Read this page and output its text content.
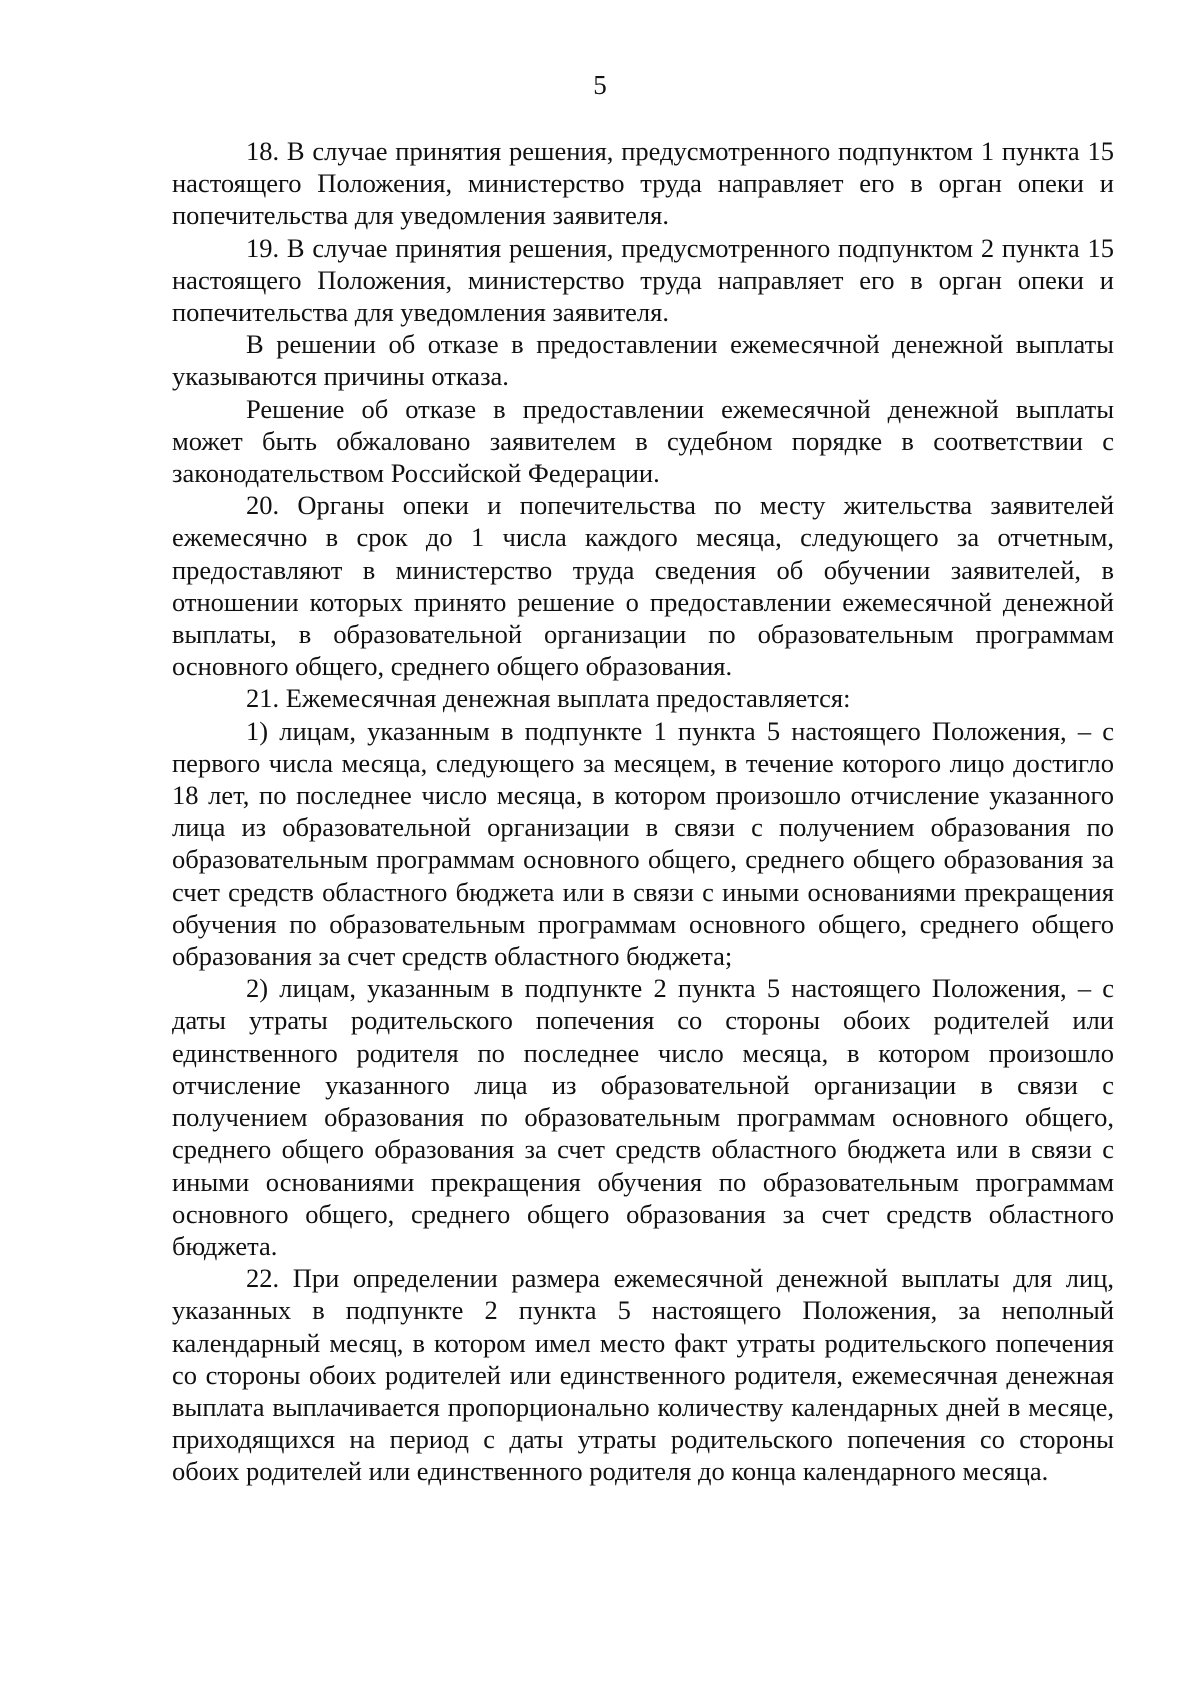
5

18. В случае принятия решения, предусмотренного подпунктом 1 пункта 15 настоящего Положения, министерство труда направляет его в орган опеки и попечительства для уведомления заявителя.

19. В случае принятия решения, предусмотренного подпунктом 2 пункта 15 настоящего Положения, министерство труда направляет его в орган опеки и попечительства для уведомления заявителя.

В решении об отказе в предоставлении ежемесячной денежной выплаты указываются причины отказа.

Решение об отказе в предоставлении ежемесячной денежной выплаты может быть обжаловано заявителем в судебном порядке в соответствии с законодательством Российской Федерации.

20. Органы опеки и попечительства по месту жительства заявителей ежемесячно в срок до 1 числа каждого месяца, следующего за отчетным, предоставляют в министерство труда сведения об обучении заявителей, в отношении которых принято решение о предоставлении ежемесячной денежной выплаты, в образовательной организации по образовательным программам основного общего, среднего общего образования.

21. Ежемесячная денежная выплата предоставляется:

1) лицам, указанным в подпункте 1 пункта 5 настоящего Положения, – с первого числа месяца, следующего за месяцем, в течение которого лицо достигло 18 лет, по последнее число месяца, в котором произошло отчисление указанного лица из образовательной организации в связи с получением образования по образовательным программам основного общего, среднего общего образования за счет средств областного бюджета или в связи с иными основаниями прекращения обучения по образовательным программам основного общего, среднего общего образования за счет средств областного бюджета;

2) лицам, указанным в подпункте 2 пункта 5 настоящего Положения, – с даты утраты родительского попечения со стороны обоих родителей или единственного родителя по последнее число месяца, в котором произошло отчисление указанного лица из образовательной организации в связи с получением образования по образовательным программам основного общего, среднего общего образования за счет средств областного бюджета или в связи с иными основаниями прекращения обучения по образовательным программам основного общего, среднего общего образования за счет средств областного бюджета.

22. При определении размера ежемесячной денежной выплаты для лиц, указанных в подпункте 2 пункта 5 настоящего Положения, за неполный календарный месяц, в котором имел место факт утраты родительского попечения со стороны обоих родителей или единственного родителя, ежемесячная денежная выплата выплачивается пропорционально количеству календарных дней в месяце, приходящихся на период с даты утраты родительского попечения со стороны обоих родителей или единственного родителя до конца календарного месяца.
